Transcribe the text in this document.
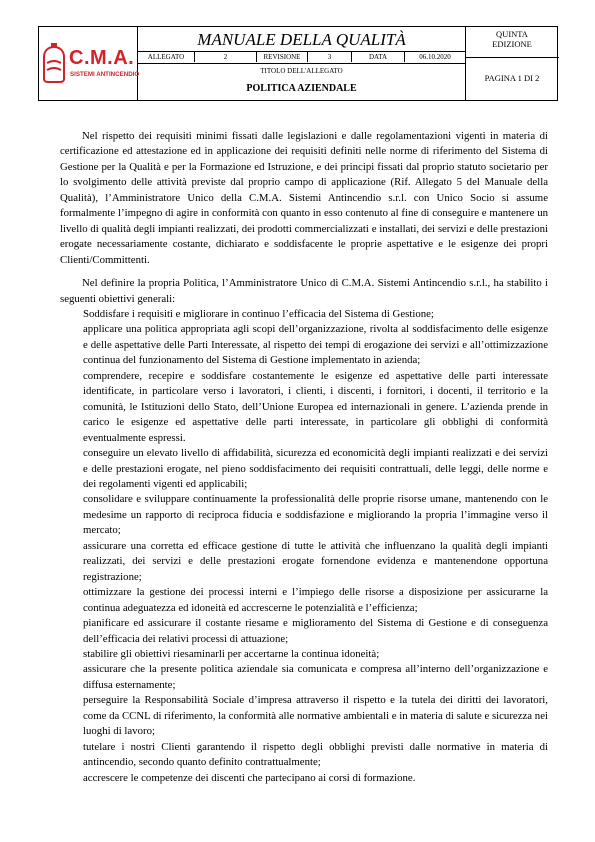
C.M.A.
SISTEMI ANTINCENDIO
MANUALE DELLA QUALITÀ	QUINTA
EDIZIONE
ALLEGATO	2	REVISIONE	3	DATA	06.10.2020
TITOLO DELL'ALLEGATO
POLITICA AZIENDALE
PAGINA 1 DI 2

Nel rispetto dei requisiti minimi fissati dalle legislazioni e dalle regolamentazioni vigenti in materia di certificazione ed attestazione ed in applicazione dei requisiti definiti nelle norme di riferimento del Sistema di Gestione per la Qualità e per la Formazione ed Istruzione, e dei principi fissati dal proprio statuto societario per lo svolgimento delle attività previste dal proprio campo di applicazione (Rif. Allegato 5 del Manuale della Qualità), l’Amministratore Unico della C.M.A. Sistemi Antincendio s.r.l. con Unico Socio si assume formalmente l’impegno di agire in conformità con quanto in esso contenuto al fine di conseguire e mantenere un livello di qualità degli impianti realizzati, dei prodotti commercializzati e installati, dei servizi e delle prestazioni erogate necessariamente costante, dichiarato e soddisfacente le proprie aspettative e le esigenze dei propri Clienti/Committenti.

Nel definire la propria Politica, l’Amministratore Unico di C.M.A. Sistemi Antincendio s.r.l., ha stabilito i seguenti obiettivi generali:

Soddisfare i requisiti e migliorare in continuo l’efficacia del Sistema di Gestione;
applicare una politica appropriata agli scopi dell’organizzazione, rivolta al soddisfacimento delle esigenze e delle aspettative delle Parti Interessate, al rispetto dei tempi di erogazione dei servizi e all’ottimizzazione continua del funzionamento del Sistema di Gestione implementato in azienda;
comprendere, recepire e soddisfare costantemente le esigenze ed aspettative delle parti interessate identificate, in particolare verso i lavoratori, i clienti, i discenti, i fornitori, i docenti, il territorio e la comunità, le Istituzioni dello Stato, dell’Unione Europea ed internazionali in genere. L’azienda prende in carico le esigenze ed aspettative delle parti interessate, in particolare gli obblighi di conformità eventualmente espressi.
conseguire un elevato livello di affidabilità, sicurezza ed economicità degli impianti realizzati e dei servizi e delle prestazioni erogate, nel pieno soddisfacimento dei requisiti contrattuali, delle leggi, delle norme e dei regolamenti vigenti ed applicabili;
consolidare e sviluppare continuamente la professionalità delle proprie risorse umane, mantenendo con le medesime un rapporto di reciproca fiducia e soddisfazione e migliorando la propria l’immagine verso il mercato;
assicurare una corretta ed efficace gestione di tutte le attività che influenzano la qualità degli impianti realizzati, dei servizi e delle prestazioni erogate fornendone evidenza e mantenendone opportuna registrazione;
ottimizzare la gestione dei processi interni e l’impiego delle risorse a disposizione per assicurarne la continua adeguatezza ed idoneità ed accrescerne le potenzialità e l’efficienza;
pianificare ed assicurare il costante riesame e miglioramento del Sistema di Gestione e di conseguenza dell’efficacia dei relativi processi di attuazione;
stabilire gli obiettivi riesaminarli per accertarne la continua idoneità;
assicurare che la presente politica aziendale sia comunicata e compresa all’interno dell’organizzazione e diffusa esternamente;
perseguire la Responsabilità Sociale d’impresa attraverso il rispetto e la tutela dei diritti dei lavoratori, come da CCNL di riferimento, la conformità alle normative ambientali e in materia di salute e sicurezza nei luoghi di lavoro;
tutelare i nostri Clienti garantendo il rispetto degli obblighi previsti dalle normative in materia di antincendio, secondo quanto definito contrattualmente;
accrescere le competenze dei discenti che partecipano ai corsi di formazione.
